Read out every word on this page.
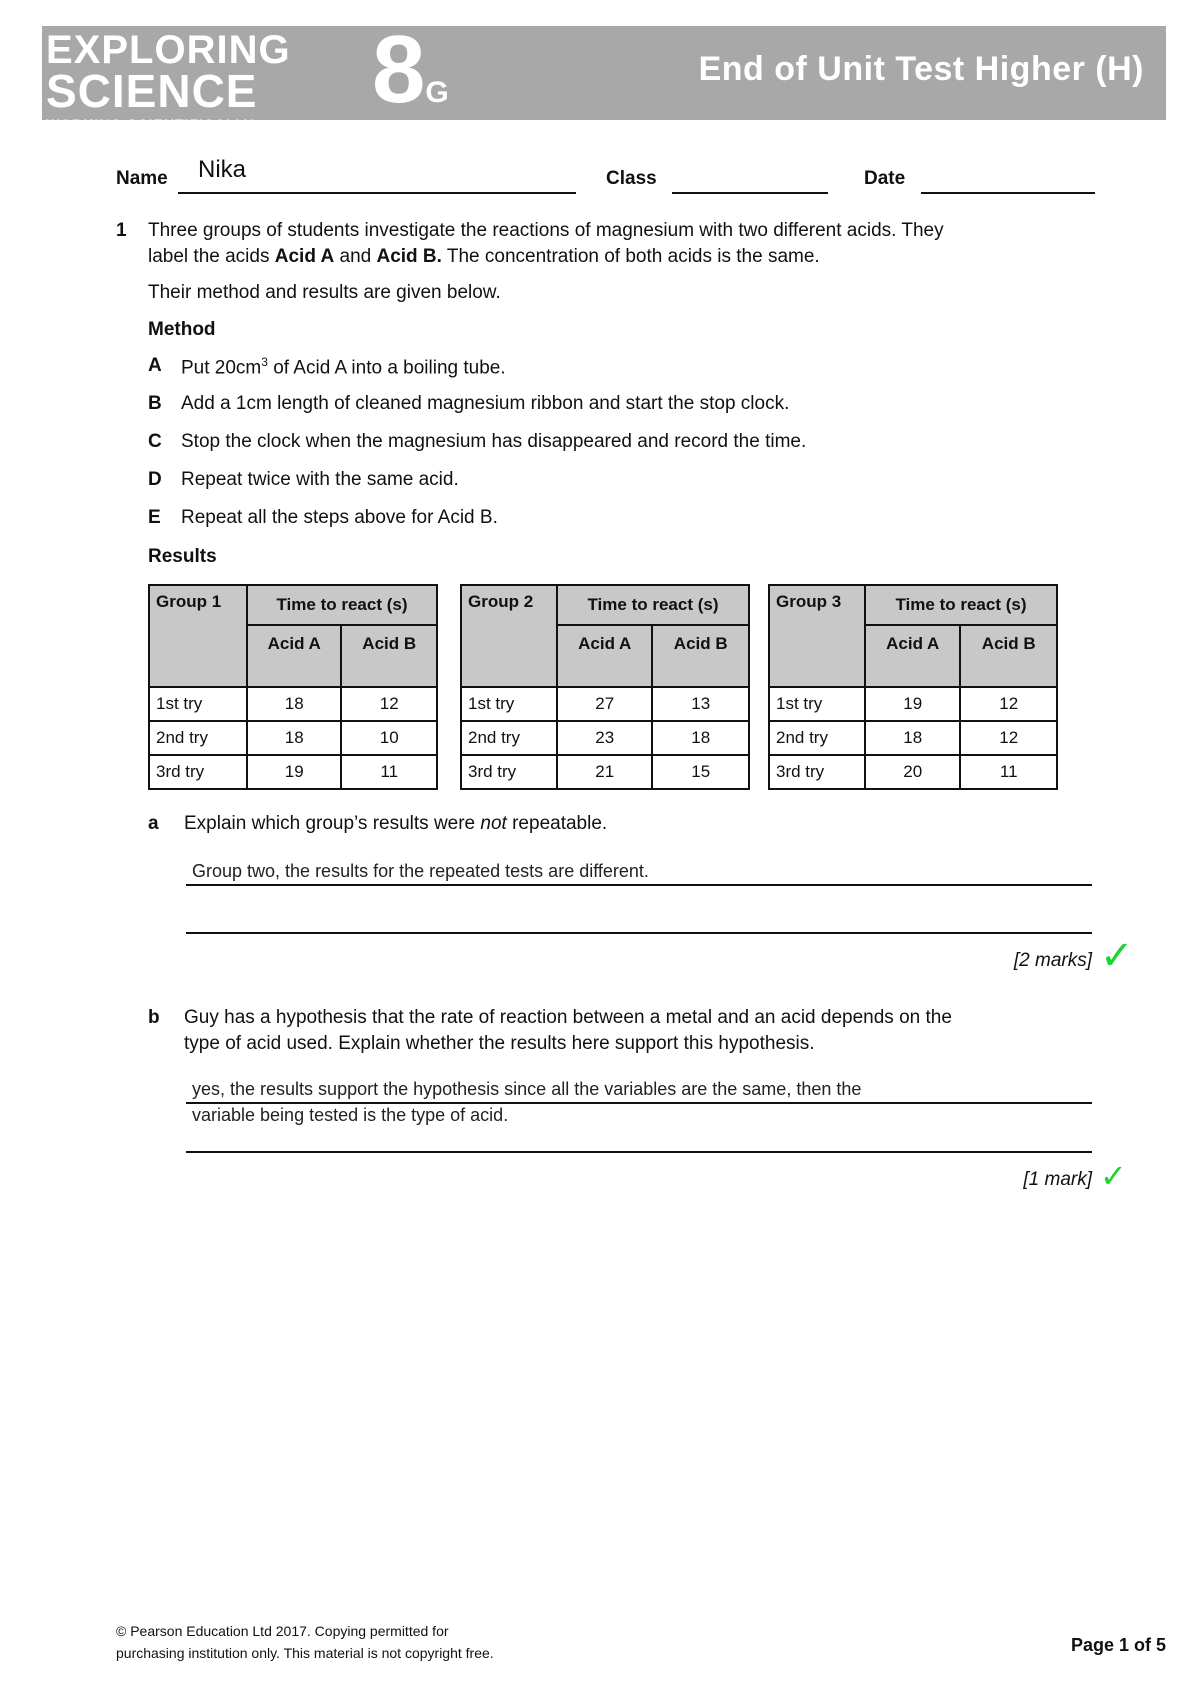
EXPLORING
SCIENCE
WORKING SCIENTIFICALLY
8G
End of Unit Test Higher (H)
Name Nika	Class	Date
1 Three groups of students investigate the reactions of magnesium with two different acids. They
label the acids Acid A and Acid B. The concentration of both acids is the same.
Their method and results are given below.
Method
A Put $20cm^3$ of Acid A into a boiling tube.
B Add a 1cm length of cleaned magnesium ribbon and start the stop clock.
C Stop the clock when the magnesium has disappeared and record the time.
D Repeat twice with the same acid.
E Repeat all the steps above for Acid B.
Results
Group 1	Time to react (s)	
	Acid A	Acid B
1st try	18	12
2nd try	18	10
3rd try	19	11
Group 2	Time to react (s)	
	Acid A	Acid B
1st try	27	13
2nd try	23	18
3rd try	21	15
Group 3	Time to react (s)	
	Acid A	Acid B
1st try	19	12
2nd try	18	12
3rd try	20	11
a Explain which group’s results were not repeatable.
Group two, the results for the repeated tests are different.
[2 marks] ✓
b Guy has a hypothesis that the rate of reaction between a metal and an acid depends on the
type of acid used. Explain whether the results here support this hypothesis.
yes, the results support the hypothesis since all the variables are the same, then the
variable being tested is the type of acid.
[1 mark] ✓
© Pearson Education Ltd 2017. Copying permitted for
purchasing institution only. This material is not copyright free.	Page 1 of 5
